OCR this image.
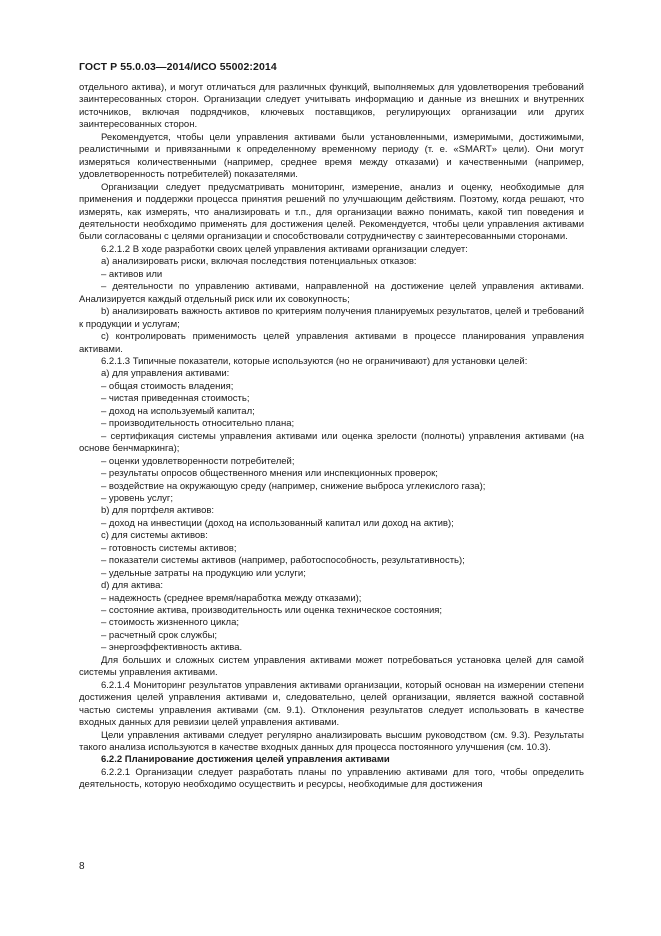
ГОСТ Р 55.0.03—2014/ИСО 55002:2014

отдельного актива), и могут отличаться для различных функций, выполняемых для удовлетворения требований заинтересованных сторон. Организации следует учитывать информацию и данные из внешних и внутренних источников, включая подрядчиков, ключевых поставщиков, регулирующих организации или других заинтересованных сторон.

Рекомендуется, чтобы цели управления активами были установленными, измеримыми, достижимыми, реалистичными и привязанными к определенному временному периоду (т. е. «SMART» цели). Они могут измеряться количественными (например, среднее время между отказами) и качественными (например, удовлетворенность потребителей) показателями.

Организации следует предусматривать мониторинг, измерение, анализ и оценку, необходимые для применения и поддержки процесса принятия решений по улучшающим действиям. Поэтому, когда решают, что измерять, как измерять, что анализировать и т.п., для организации важно понимать, какой тип поведения и деятельности необходимо применять для достижения целей. Рекомендуется, чтобы цели управления активами были согласованы с целями организации и способствовали сотрудничеству с заинтересованными сторонами.

6.2.1.2 В ходе разработки своих целей управления активами организации следует:

a) анализировать риски, включая последствия потенциальных отказов:

– активов или

– деятельности по управлению активами, направленной на достижение целей управления активами. Анализируется каждый отдельный риск или их совокупность;

b) анализировать важность активов по критериям получения планируемых результатов, целей и требований к продукции и услугам;

c) контролировать применимость целей управления активами в процессе планирования управления активами.

6.2.1.3 Типичные показатели, которые используются (но не ограничивают) для установки целей:

a) для управления активами:

– общая стоимость владения;

– чистая приведенная стоимость;

– доход на используемый капитал;

– производительность относительно плана;

– сертификация системы управления активами или оценка зрелости (полноты) управления активами (на основе бенчмаркинга);

– оценки удовлетворенности потребителей;

– результаты опросов общественного мнения или инспекционных проверок;

– воздействие на окружающую среду (например, снижение выброса углекислого газа);

– уровень услуг;

b) для портфеля активов:

– доход на инвестиции (доход на использованный капитал или доход на актив);

c) для системы активов:

– готовность системы активов;

– показатели системы активов (например, работоспособность, результативность);

– удельные затраты на продукцию или услуги;

d) для актива:

– надежность (среднее время/наработка между отказами);

– состояние актива, производительность или оценка техническое состояния;

– стоимость жизненного цикла;

– расчетный срок службы;

– энергоэффективность актива.

Для больших и сложных систем управления активами может потребоваться установка целей для самой системы управления активами.

6.2.1.4 Мониторинг результатов управления активами организации, который основан на измерении степени достижения целей управления активами и, следовательно, целей организации, является важной составной частью системы управления активами (см. 9.1). Отклонения результатов следует использовать в качестве входных данных для ревизии целей управления активами.

Цели управления активами следует регулярно анализировать высшим руководством (см. 9.3). Результаты такого анализа используются в качестве входных данных для процесса постоянного улучшения (см. 10.3).

6.2.2 Планирование достижения целей управления активами

6.2.2.1 Организации следует разработать планы по управлению активами для того, чтобы определить деятельность, которую необходимо осуществить и ресурсы, необходимые для достижения

8
